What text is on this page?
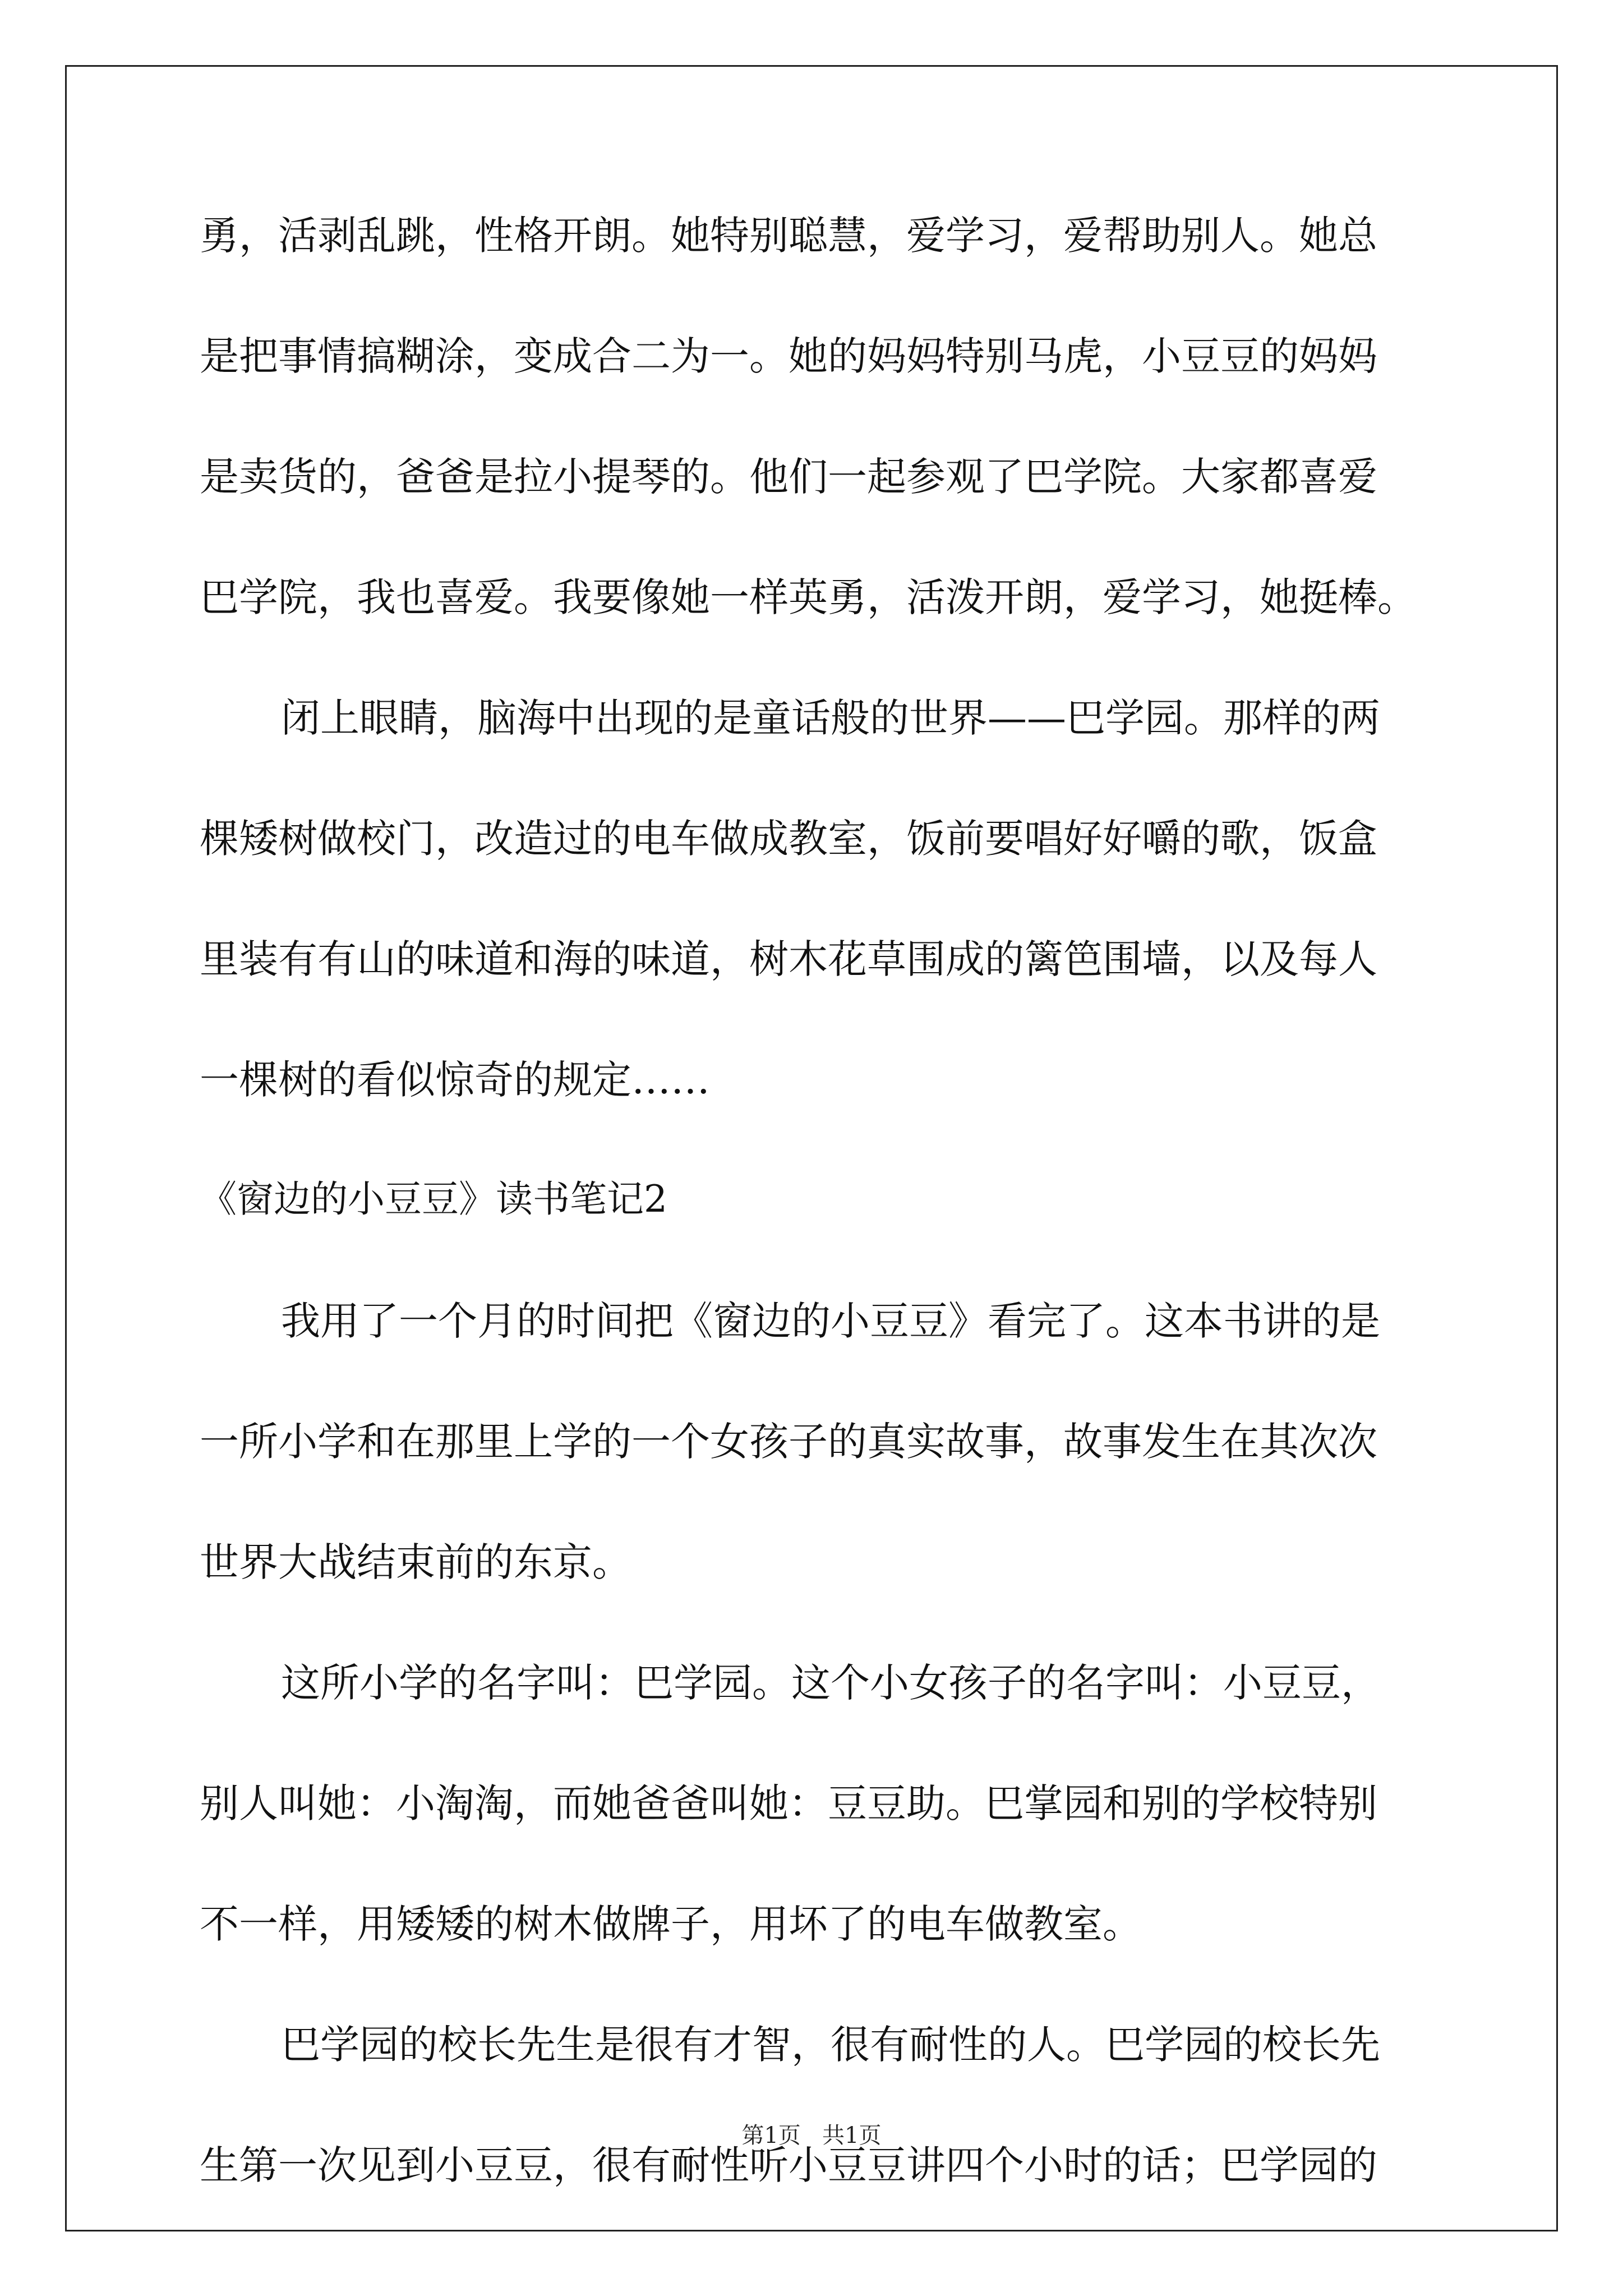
勇，活剥乱跳，性格开朗。她特别聪慧，爱学习，爱帮助别人。她总

是把事情搞糊涂，变成合二为一。她的妈妈特别马虎，小豆豆的妈妈

是卖货的，爸爸是拉小提琴的。他们一起参观了巴学院。大家都喜爱

巴学院，我也喜爱。我要像她一样英勇，活泼开朗，爱学习，她挺棒。

闭上眼睛，脑海中出现的是童话般的世界——巴学园。那样的两

棵矮树做校门，改造过的电车做成教室，饭前要唱好好嚼的歌，饭盒

里装有有山的味道和海的味道，树木花草围成的篱笆围墙，以及每人

一棵树的看似惊奇的规定……

《窗边的小豆豆》读书笔记2

我用了一个月的时间把《窗边的小豆豆》看完了。这本书讲的是

一所小学和在那里上学的一个女孩子的真实故事，故事发生在其次次

世界大战结束前的东京。

这所小学的名字叫：巴学园。这个小女孩子的名字叫：小豆豆，

别人叫她：小淘淘，而她爸爸叫她：豆豆助。巴掌园和别的学校特别

不一样，用矮矮的树木做牌子，用坏了的电车做教室。

巴学园的校长先生是很有才智，很有耐性的人。巴学园的校长先

生第一次见到小豆豆，很有耐性听小豆豆讲四个小时的话；巴学园的

第1页   共1页
